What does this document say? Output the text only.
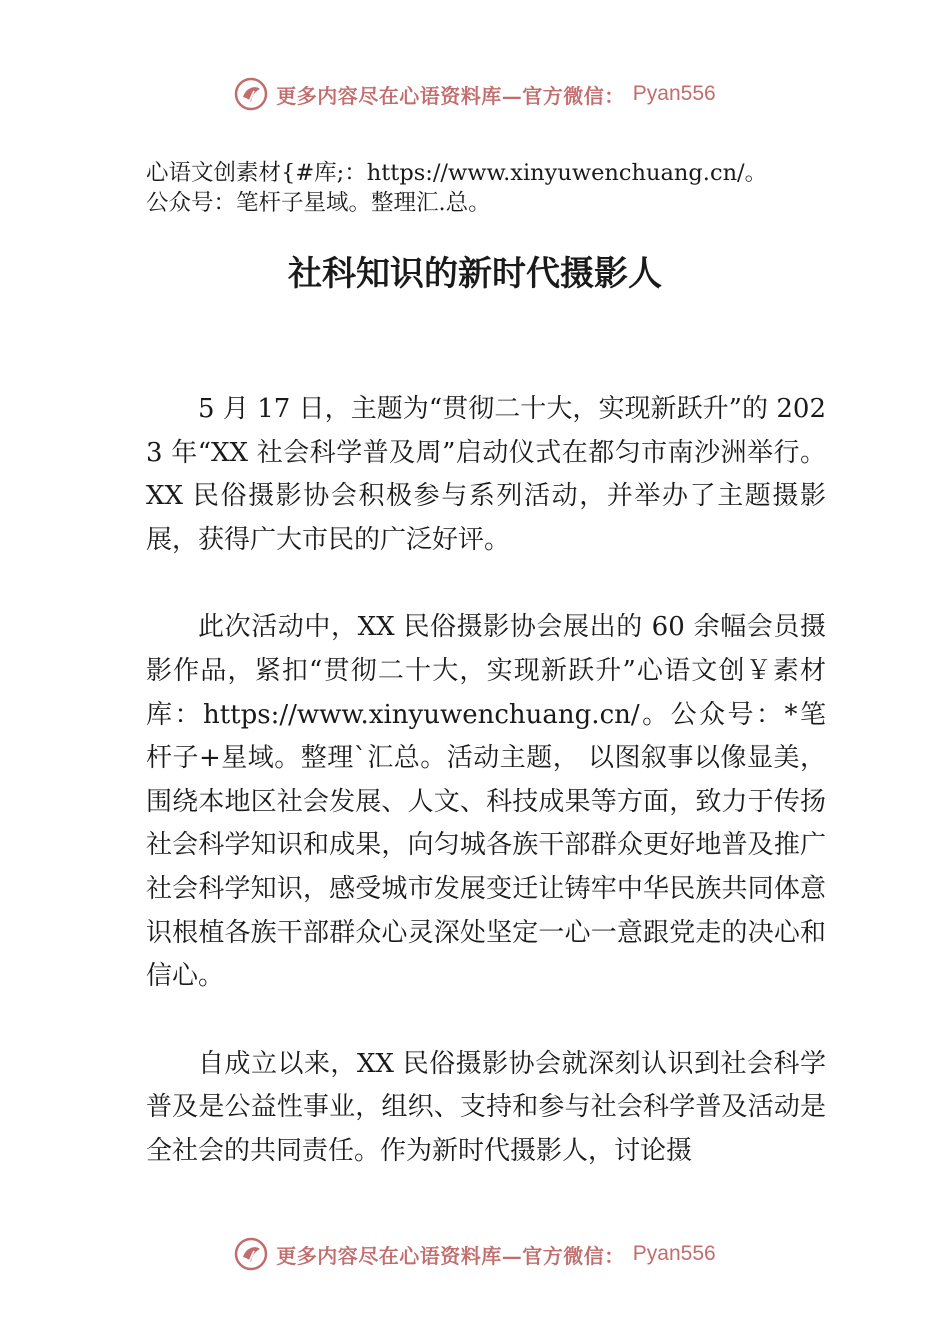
更多内容尽在心语资料库—官方微信： Pyan556

心语文创素材{#库;：https://www.xinyuwenchuang.cn/。

公众号：笔杆子星域。整理汇.总。

社科知识的新时代摄影人

5 月 17 日，主题为“贯彻二十大，实现新跃升”的 2023 年“XX 社会科学普及周”启动仪式在都匀市南沙洲举行。XX 民俗摄影协会积极参与系列活动，并举办了主题摄影展，获得广大市民的广泛好评。

此次活动中，XX 民俗摄影协会展出的 60 余幅会员摄影作品，紧扣“贯彻二十大，实现新跃升”心语文创￥素材库：https://www.xinyuwenchuang.cn/。公众号：*笔杆子+星域。整理`汇总。活动主题， 以图叙事以像显美，围绕本地区社会发展、人文、科技成果等方面，致力于传扬社会科学知识和成果，向匀城各族干部群众更好地普及推广社会科学知识，感受城市发展变迁让铸牢中华民族共同体意识根植各族干部群众心灵深处坚定一心一意跟党走的决心和信心。

自成立以来，XX 民俗摄影协会就深刻认识到社会科学普及是公益性事业，组织、支持和参与社会科学普及活动是全社会的共同责任。作为新时代摄影人，讨论摄

更多内容尽在心语资料库—官方微信： Pyan556
